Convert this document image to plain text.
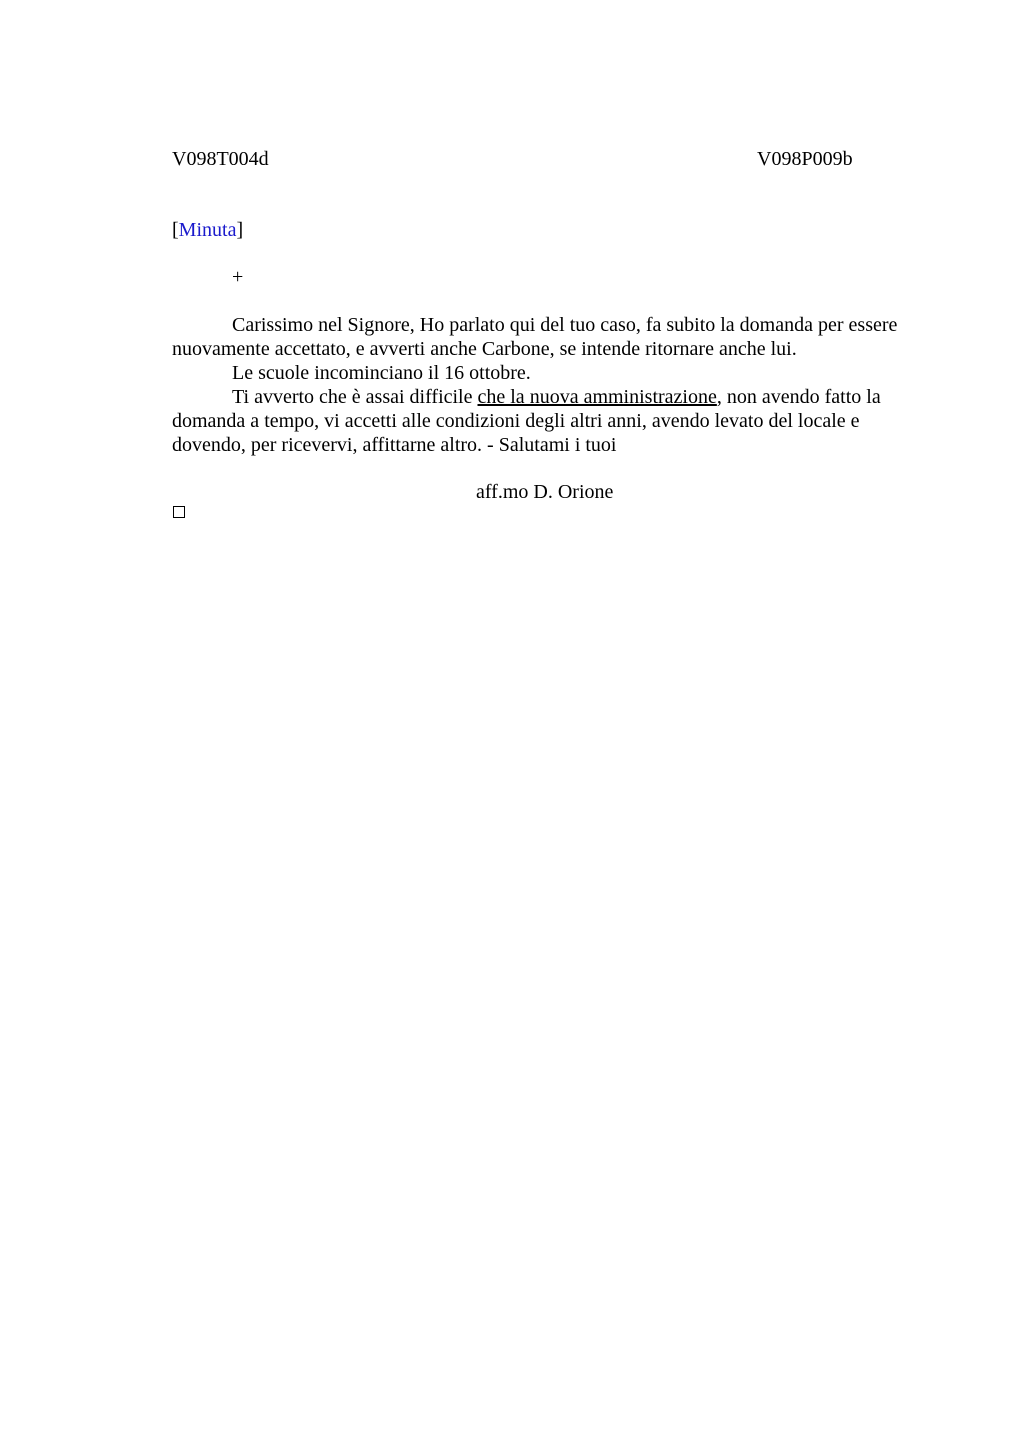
V098T004d	V098P009b
[Minuta]
+

Carissimo nel Signore, Ho parlato qui del tuo caso, fa subito la domanda per essere nuovamente accettato, e avverti anche Carbone, se intende ritornare anche lui.

Le scuole incominciano il 16 ottobre.

Ti avverto che è assai difficile che la nuova amministrazione, non avendo fatto la domanda a tempo, vi accetti alle condizioni degli altri anni, avendo levato del locale e dovendo, per ricevervi, affittarne altro. - Salutami i tuoi

aff.mo D. Orione
